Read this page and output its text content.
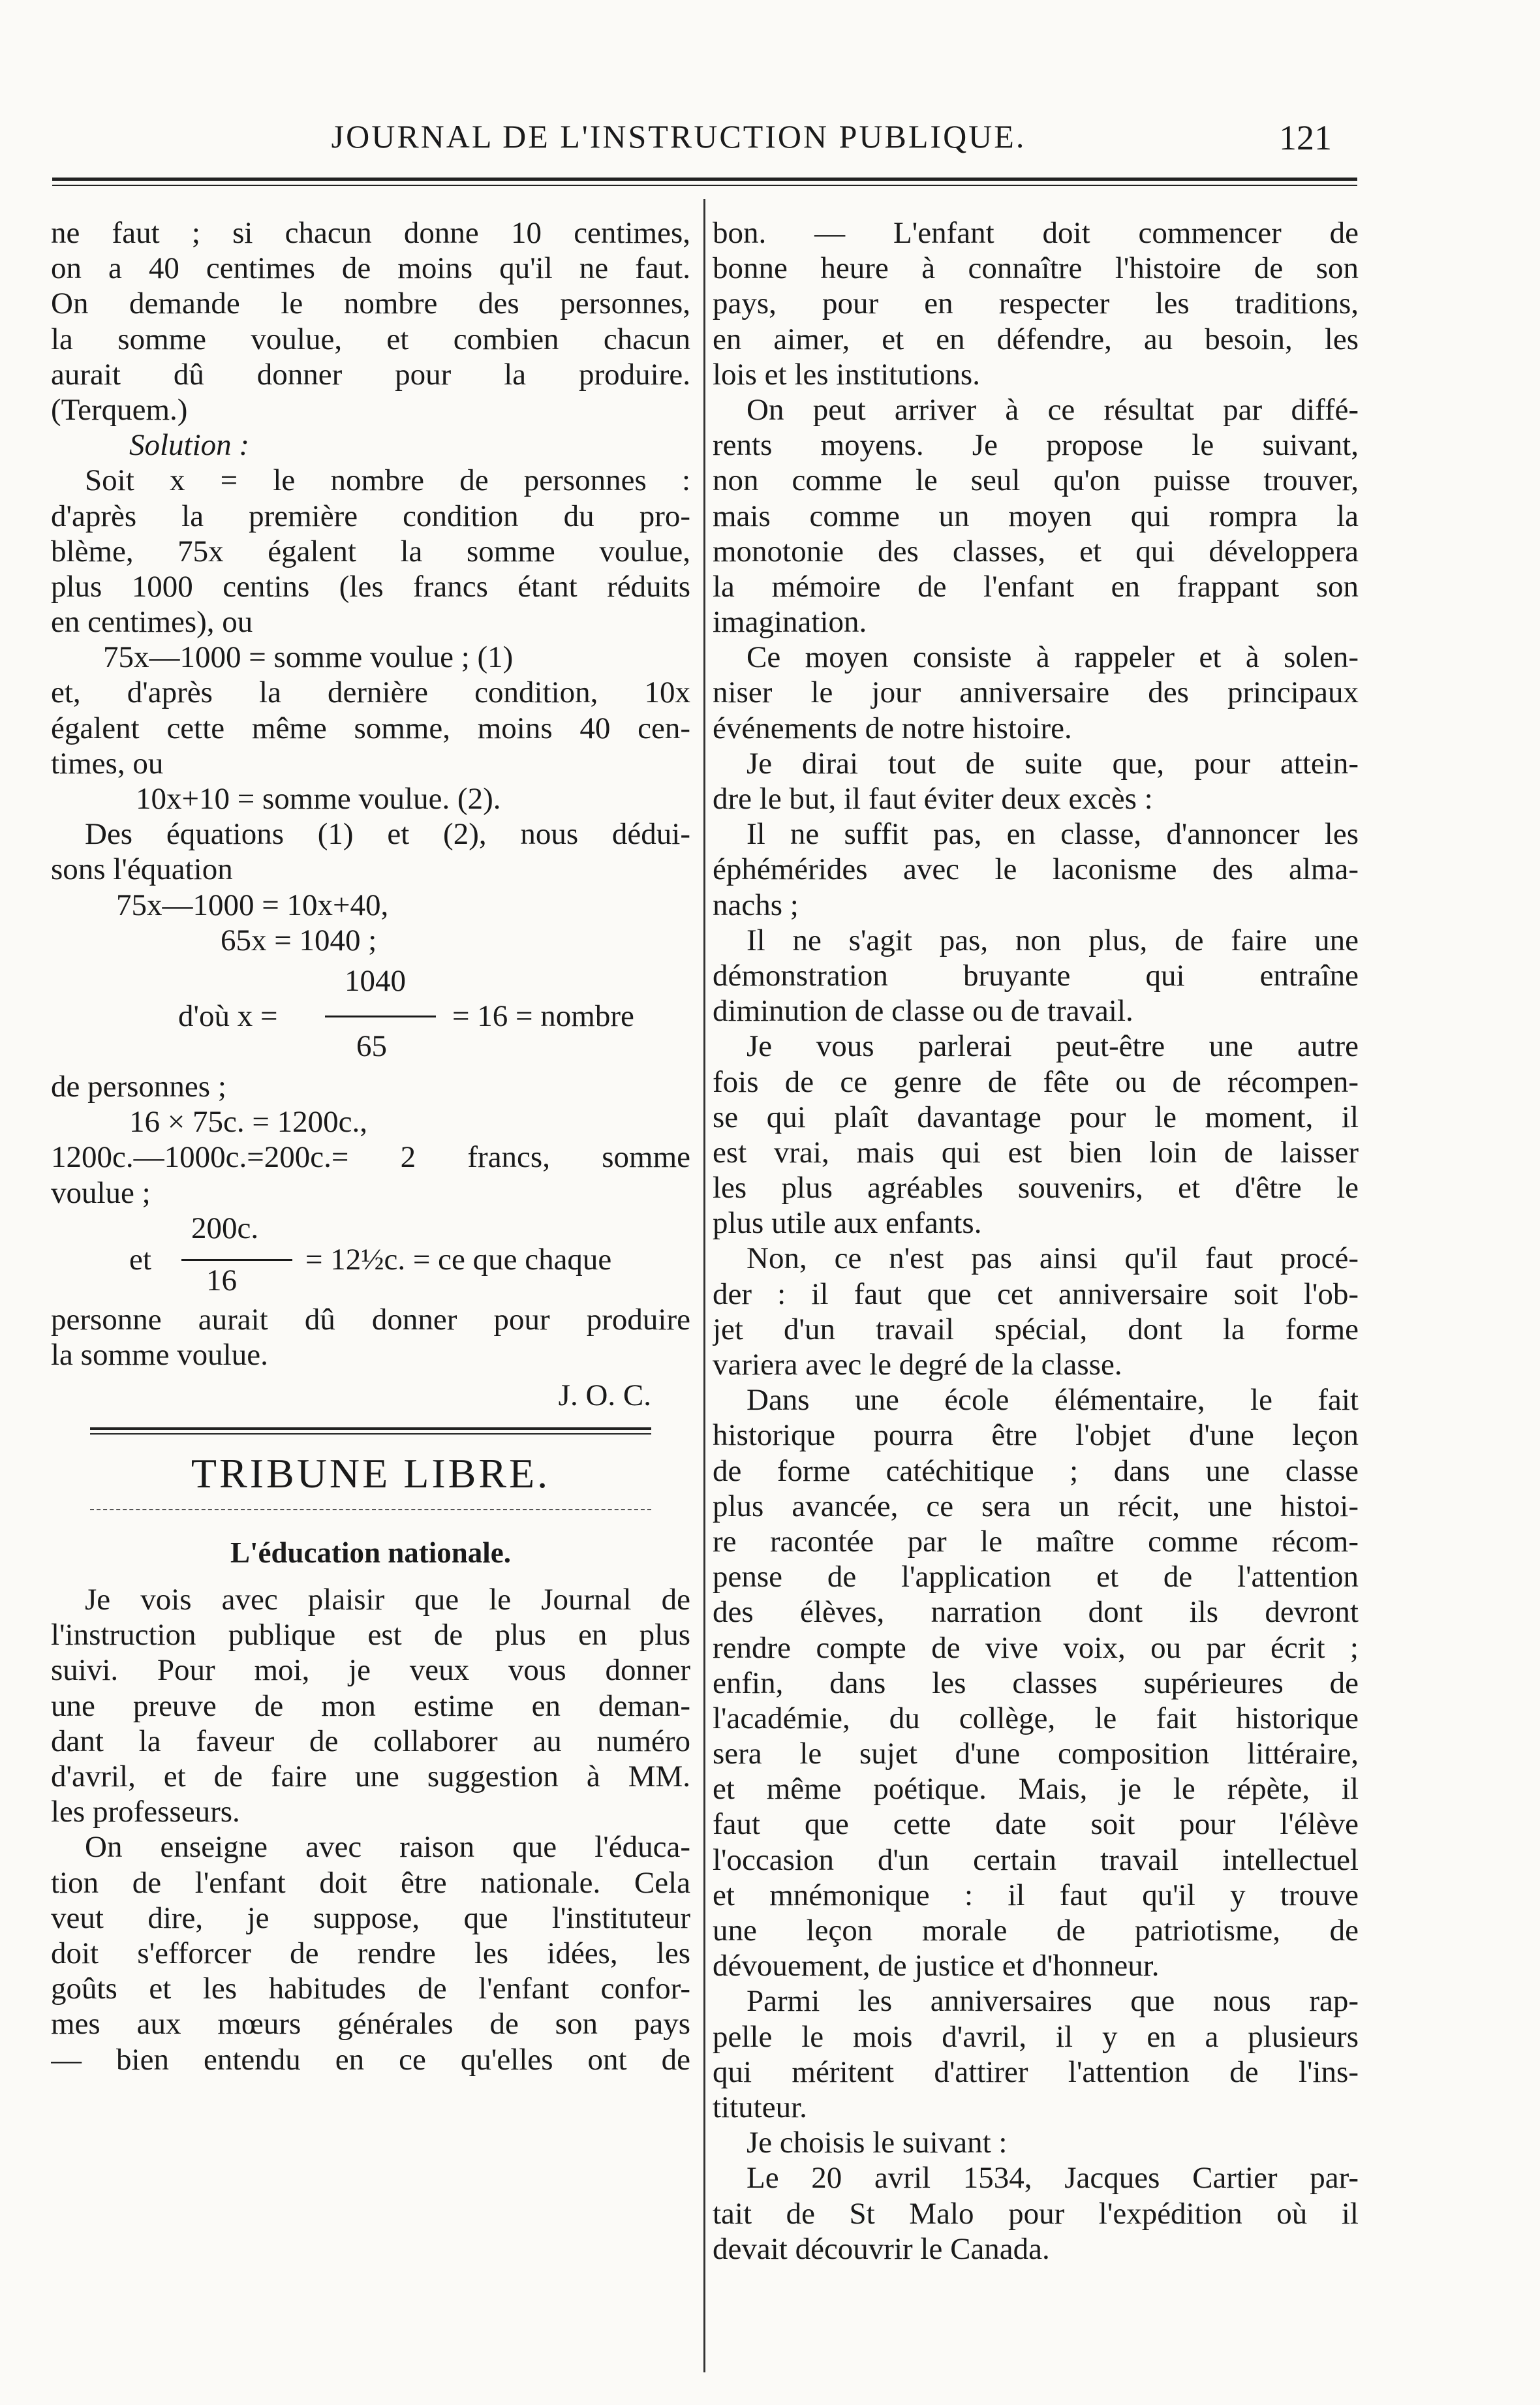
JOURNAL DE L'INSTRUCTION PUBLIQUE.	121
ne faut ; si chacun donne 10 centimes,
on a 40 centimes de moins qu'il ne faut.
On demande le nombre des personnes,
la somme voulue, et combien chacun
aurait dû donner pour la produire.
(Terquem.)
Solution :
Soit x = le nombre de personnes :
d'après la première condition du pro-
blème, 75x égalent la somme voulue,
plus 1000 centins (les francs étant réduits
en centimes), ou
75x—1000 = somme voulue ; (1)
et, d'après la dernière condition, 10x
égalent cette même somme, moins 40 cen-
times, ou
10x+10 = somme voulue. (2).
Des équations (1) et (2), nous dédui-
sons l'équation
75x—1000 = 10x+40,
65x = 1040 ;
d'où x =
1040
65
= 16 = nombre
de personnes ;
16 × 75c. = 1200c.,
1200c.—1000c.=200c.= 2 francs, somme
voulue ;
et
200c.
16
= 12½c. = ce que chaque
personne aurait dû donner pour produire
la somme voulue.
J. O. C.
TRIBUNE LIBRE.
L'éducation nationale.
Je vois avec plaisir que le Journal de
l'instruction publique est de plus en plus
suivi. Pour moi, je veux vous donner
une preuve de mon estime en deman-
dant la faveur de collaborer au numéro
d'avril, et de faire une suggestion à MM.
les professeurs.
On enseigne avec raison que l'éduca-
tion de l'enfant doit être nationale. Cela
veut dire, je suppose, que l'instituteur
doit s'efforcer de rendre les idées, les
goûts et les habitudes de l'enfant confor-
mes aux mœurs générales de son pays
— bien entendu en ce qu'elles ont de
bon. — L'enfant doit commencer de
bonne heure à connaître l'histoire de son
pays, pour en respecter les traditions,
en aimer, et en défendre, au besoin, les
lois et les institutions.
On peut arriver à ce résultat par diffé-
rents moyens. Je propose le suivant,
non comme le seul qu'on puisse trouver,
mais comme un moyen qui rompra la
monotonie des classes, et qui développera
la mémoire de l'enfant en frappant son
imagination.
Ce moyen consiste à rappeler et à solen-
niser le jour anniversaire des principaux
événements de notre histoire.
Je dirai tout de suite que, pour attein-
dre le but, il faut éviter deux excès :
Il ne suffit pas, en classe, d'annoncer les
éphémérides avec le laconisme des alma-
nachs ;
Il ne s'agit pas, non plus, de faire une
démonstration bruyante qui entraîne
diminution de classe ou de travail.
Je vous parlerai peut-être une autre
fois de ce genre de fête ou de récompen-
se qui plaît davantage pour le moment, il
est vrai, mais qui est bien loin de laisser
les plus agréables souvenirs, et d'être le
plus utile aux enfants.
Non, ce n'est pas ainsi qu'il faut procé-
der : il faut que cet anniversaire soit l'ob-
jet d'un travail spécial, dont la forme
variera avec le degré de la classe.
Dans une école élémentaire, le fait
historique pourra être l'objet d'une leçon
de forme catéchitique ; dans une classe
plus avancée, ce sera un récit, une histoi-
re racontée par le maître comme récom-
pense de l'application et de l'attention
des élèves, narration dont ils devront
rendre compte de vive voix, ou par écrit ;
enfin, dans les classes supérieures de
l'académie, du collège, le fait historique
sera le sujet d'une composition littéraire,
et même poétique. Mais, je le répète, il
faut que cette date soit pour l'élève
l'occasion d'un certain travail intellectuel
et mnémonique : il faut qu'il y trouve
une leçon morale de patriotisme, de
dévouement, de justice et d'honneur.
Parmi les anniversaires que nous rap-
pelle le mois d'avril, il y en a plusieurs
qui méritent d'attirer l'attention de l'ins-
tituteur.
Je choisis le suivant :
Le 20 avril 1534, Jacques Cartier par-
tait de St Malo pour l'expédition où il
devait découvrir le Canada.
